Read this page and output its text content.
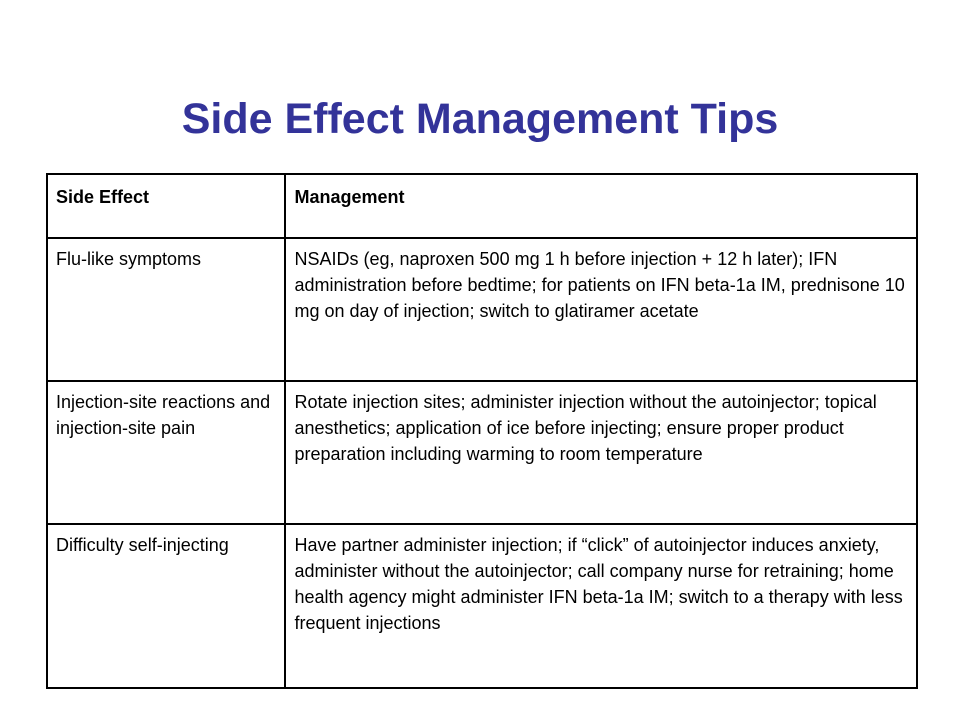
Side Effect Management Tips
Side Effect	Management
Flu-like symptoms	NSAIDs (eg, naproxen 500 mg 1 h before injection + 12 h later); IFN administration before bedtime; for patients on IFN beta-1a IM, prednisone 10 mg on day of injection; switch to glatiramer acetate
Injection-site reactions and injection-site pain	Rotate injection sites; administer injection without the autoinjector; topical anesthetics; application of ice before injecting; ensure proper product preparation including warming to room temperature
Difficulty self-injecting	Have partner administer injection; if “click” of autoinjector induces anxiety, administer without the autoinjector; call company nurse for retraining; home health agency might administer IFN beta-1a IM; switch to a therapy with less frequent injections
